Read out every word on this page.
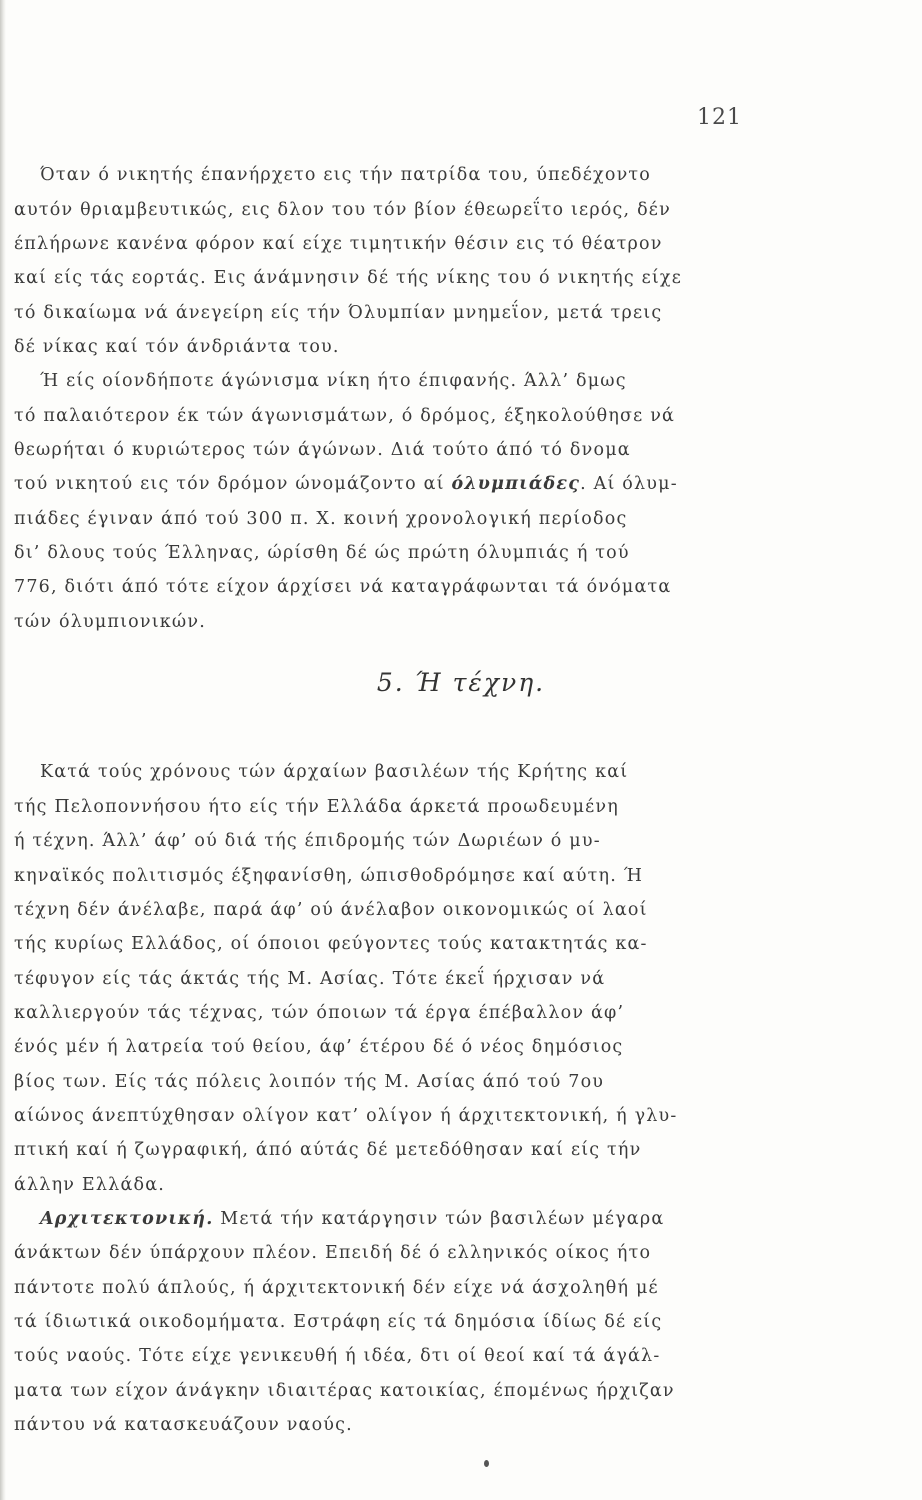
121
Όταν ό νικητής έπανήρχετο εις τήν πατρίδα του, ύπεδέχοντο
αυτόν θριαμβευτικώς, εις δλον του τόν βίον έθεωρεΐτο ιερός, δέν
έπλήρωνε κανένα φόρον καί είχε τιμητικήν θέσιν εις τό θέατρον
καί είς τάς εορτάς. Εις άνάμνησιν δέ τής νίκης του ό νικητής είχε
τό δικαίωμα νά άνεγείρη είς τήν Όλυμπίαν μνημεΐον, μετά τρεις
δέ νίκας καί τόν άνδριάντα του.
Ή είς οίονδήποτε άγώνισμα νίκη ήτο έπιφανής. Άλλ’ δμως
τό παλαιότερον έκ τών άγωνισμάτων, ό δρόμος, έξηκολούθησε νά
θεωρήται ό κυριώτερος τών άγώνων. Διά τούτο άπό τό δνομα
τού νικητού εις τόν δρόμον ώνομάζοντο αί όλυμπιάδες. Αί όλυμ-
πιάδες έγιναν άπό τού 300 π. Χ. κοινή χρονολογική περίοδος
δι’ δλους τούς Έλληνας, ώρίσθη δέ ώς πρώτη όλυμπιάς ή τού
776, διότι άπό τότε είχον άρχίσει νά καταγράφωνται τά όνόματα
τών όλυμπιονικών.
5. Ή τέχνη.
Κατά τούς χρόνους τών άρχαίων βασιλέων τής Κρήτης καί
τής Πελοποννήσου ήτο είς τήν Ελλάδα άρκετά προωδευμένη
ή τέχνη. Άλλ’ άφ’ ού διά τής έπιδρομής τών Δωριέων ό μυ-
κηναϊκός πολιτισμός έξηφανίσθη, ώπισθοδρόμησε καί αύτη. Ή
τέχνη δέν άνέλαβε, παρά άφ’ ού άνέλαβον οικονομικώς οί λαοί
τής κυρίως Ελλάδος, οί όποιοι φεύγοντες τούς κατακτητάς κα-
τέφυγον είς τάς άκτάς τής Μ. Ασίας. Τότε έκεΐ ήρχισαν νά
καλλιεργούν τάς τέχνας, τών όποιων τά έργα έπέβαλλον άφ’
ένός μέν ή λατρεία τού θείου, άφ’ έτέρου δέ ό νέος δημόσιος
βίος των. Είς τάς πόλεις λοιπόν τής Μ. Ασίας άπό τού 7ου
αίώνος άνεπτύχθησαν ολίγον κατ’ ολίγον ή άρχιτεκτονική, ή γλυ-
πτική καί ή ζωγραφική, άπό αύτάς δέ μετεδόθησαν καί είς τήν
άλλην Ελλάδα.
Αρχιτεκτονική. Μετά τήν κατάργησιν τών βασιλέων μέγαρα
άνάκτων δέν ύπάρχουν πλέον. Επειδή δέ ό ελληνικός οίκος ήτο
πάντοτε πολύ άπλούς, ή άρχιτεκτονική δέν είχε νά άσχοληθή μέ
τά ίδιωτικά οικοδομήματα. Εστράφη είς τά δημόσια ίδίως δέ είς
τούς ναούς. Τότε είχε γενικευθή ή ιδέα, δτι οί θεοί καί τά άγάλ-
ματα των είχον άνάγκην ιδιαιτέρας κατοικίας, έπομένως ήρχιζαν
πάντου νά κατασκευάζουν ναούς.
